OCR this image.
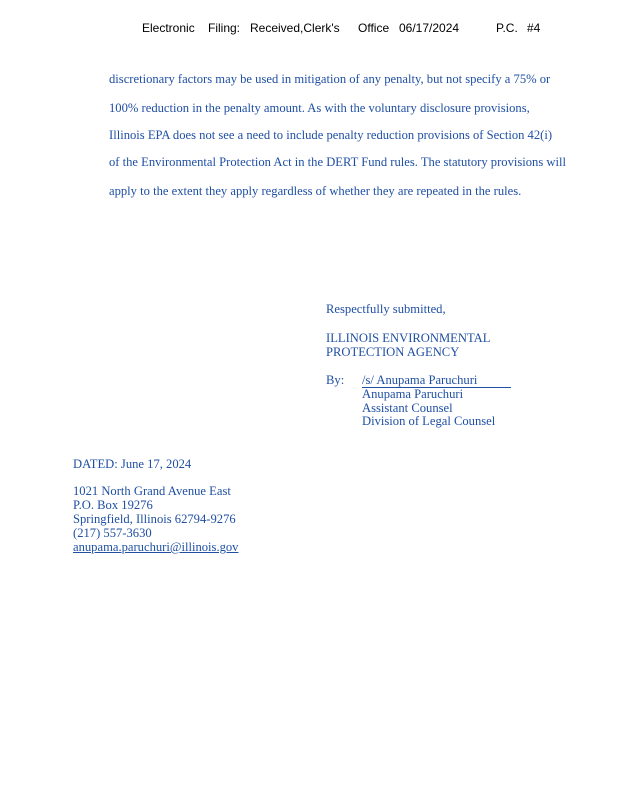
Electronic Filing: Received,Clerk's Office 06/17/2024	P.C. #4
discretionary factors may be used in mitigation of any penalty, but not specify a 75% or
100% reduction in the penalty amount. As with the voluntary disclosure provisions,
Illinois EPA does not see a need to include penalty reduction provisions of Section 42(i)
of the Environmental Protection Act in the DERT Fund rules. The statutory provisions will
apply to the extent they apply regardless of whether they are repeated in the rules.
Respectfully submitted,
ILLINOIS ENVIRONMENTAL
PROTECTION AGENCY
By: /s/ Anupama Paruchuri
Anupama Paruchuri
Assistant Counsel
Division of Legal Counsel
DATED: June 17, 2024
1021 North Grand Avenue East
P.O. Box 19276
Springfield, Illinois 62794-9276
(217) 557-3630
anupama.paruchuri@illinois.gov
